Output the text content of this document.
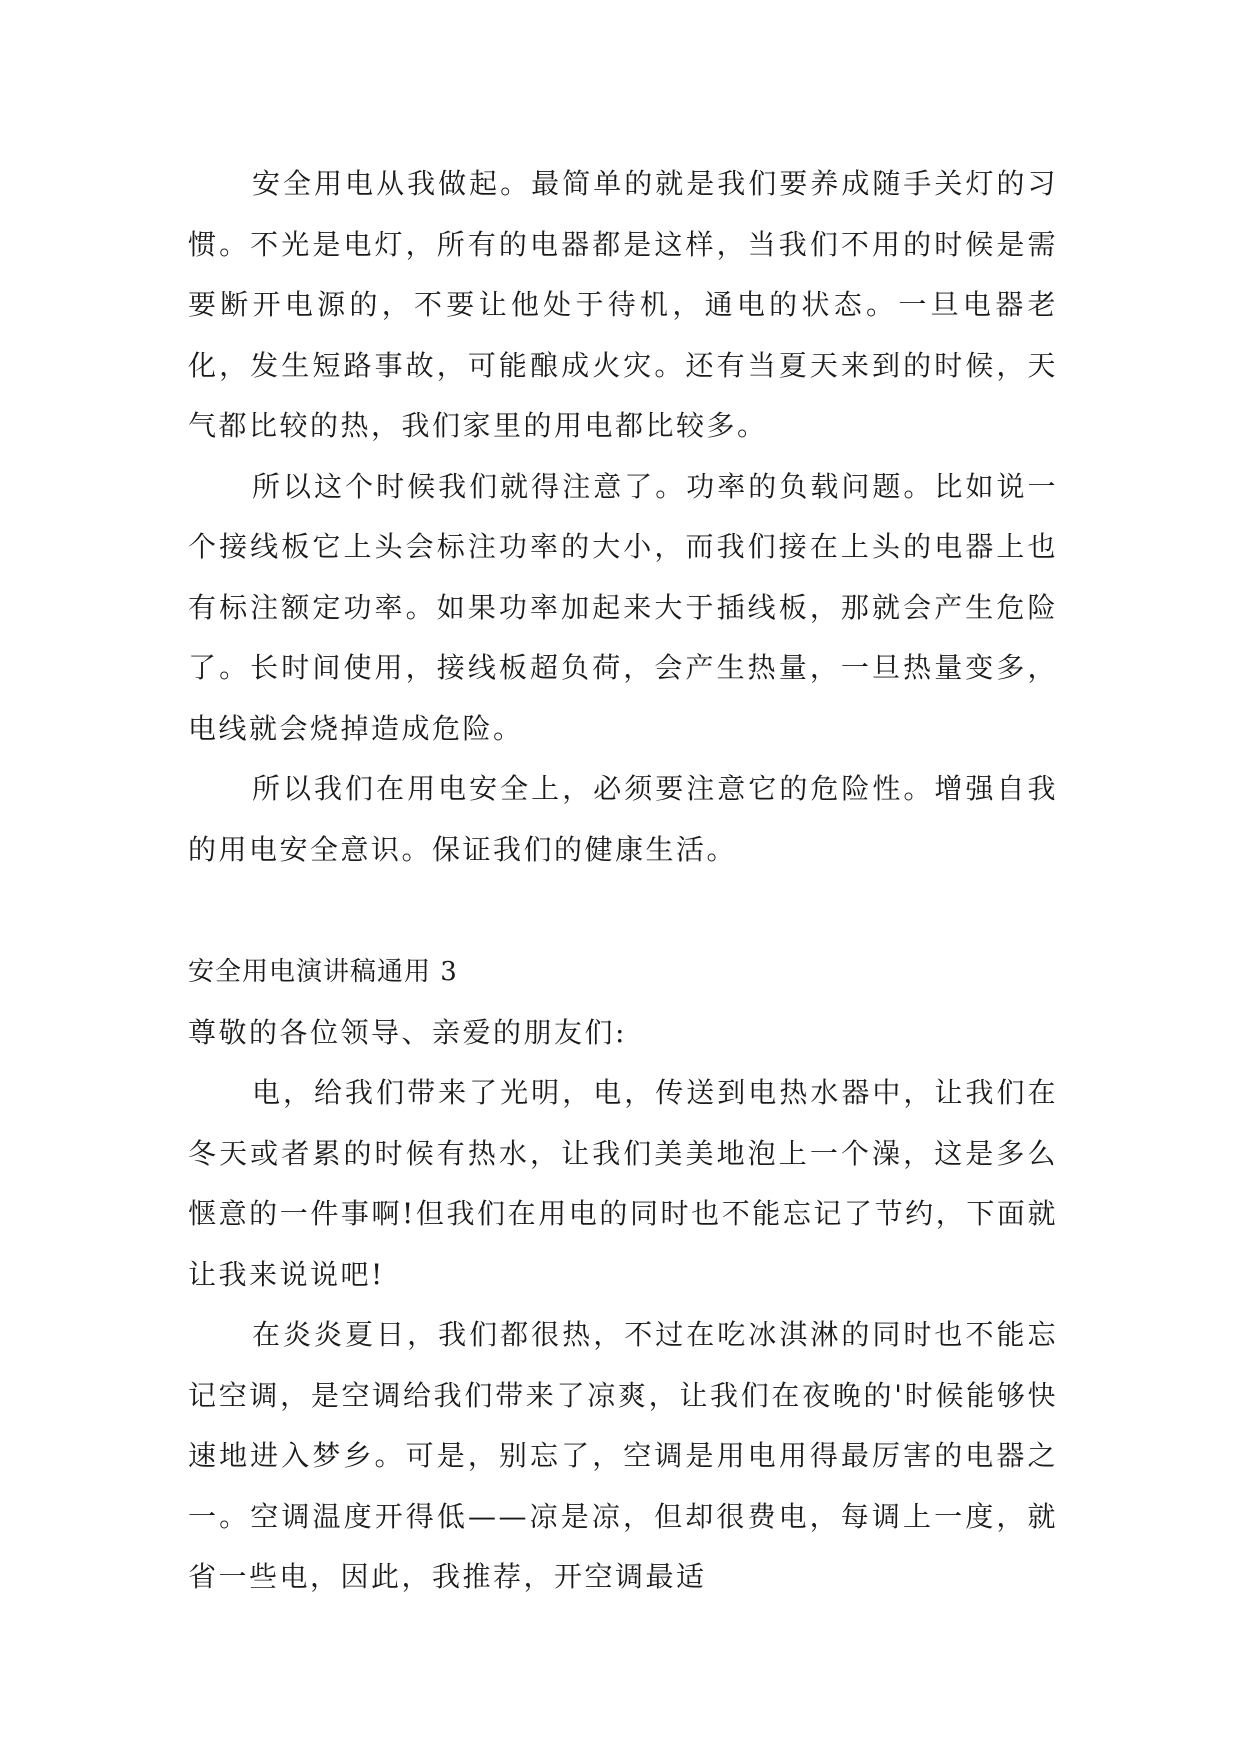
安全用电从我做起。最简单的就是我们要养成随手关灯的习惯。不光是电灯，所有的电器都是这样，当我们不用的时候是需要断开电源的，不要让他处于待机，通电的状态。一旦电器老化，发生短路事故，可能酿成火灾。还有当夏天来到的时候，天气都比较的热，我们家里的用电都比较多。

所以这个时候我们就得注意了。功率的负载问题。比如说一个接线板它上头会标注功率的大小，而我们接在上头的电器上也有标注额定功率。如果功率加起来大于插线板，那就会产生危险了。长时间使用，接线板超负荷，会产生热量，一旦热量变多，电线就会烧掉造成危险。

所以我们在用电安全上，必须要注意它的危险性。增强自我的用电安全意识。保证我们的健康生活。

安全用电演讲稿通用 3

尊敬的各位领导、亲爱的朋友们:

电，给我们带来了光明，电，传送到电热水器中，让我们在冬天或者累的时候有热水，让我们美美地泡上一个澡，这是多么惬意的一件事啊!但我们在用电的同时也不能忘记了节约，下面就让我来说说吧!

在炎炎夏日，我们都很热，不过在吃冰淇淋的同时也不能忘记空调，是空调给我们带来了凉爽，让我们在夜晚的'时候能够快速地进入梦乡。可是，别忘了，空调是用电用得最厉害的电器之一。空调温度开得低——凉是凉，但却很费电，每调上一度，就省一些电，因此，我推荐，开空调最适
